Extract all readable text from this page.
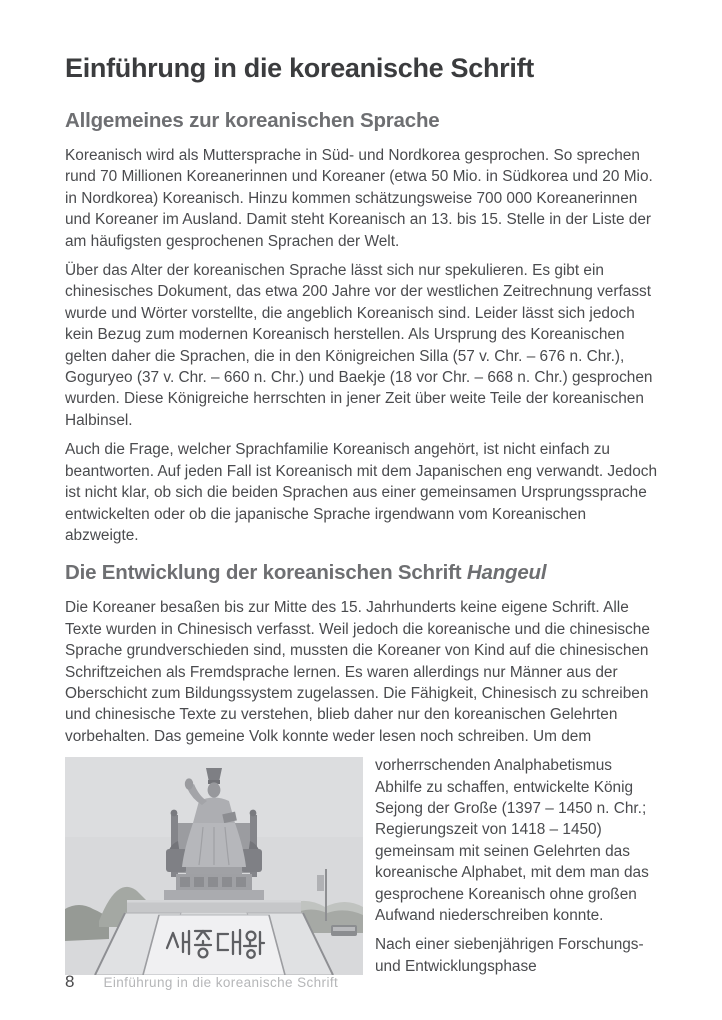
Einführung in die koreanische Schrift
Allgemeines zur koreanischen Sprache

Koreanisch wird als Muttersprache in Süd- und Nordkorea gesprochen. So sprechen rund 70 Millionen Koreanerinnen und Koreaner (etwa 50 Mio. in Südkorea und 20 Mio. in Nordkorea) Koreanisch. Hinzu kommen schätzungsweise 700 000 Koreanerinnen und Koreaner im Ausland. Damit steht Koreanisch an 13. bis 15. Stelle in der Liste der am häufigsten gesprochenen Sprachen der Welt.

Über das Alter der koreanischen Sprache lässt sich nur spekulieren. Es gibt ein chinesisches Dokument, das etwa 200 Jahre vor der westlichen Zeitrechnung verfasst wurde und Wörter vorstellte, die angeblich Koreanisch sind. Leider lässt sich jedoch kein Bezug zum modernen Koreanisch herstellen. Als Ursprung des Koreanischen gelten daher die Sprachen, die in den Königreichen Silla (57 v. Chr. – 676 n. Chr.), Goguryeo (37 v. Chr. – 660 n. Chr.) und Baekje (18 vor Chr. – 668 n. Chr.) gesprochen wurden. Diese Königreiche herrschten in jener Zeit über weite Teile der koreanischen Halbinsel.

Auch die Frage, welcher Sprachfamilie Koreanisch angehört, ist nicht einfach zu beantworten. Auf jeden Fall ist Koreanisch mit dem Japanischen eng verwandt. Jedoch ist nicht klar, ob sich die beiden Sprachen aus einer gemeinsamen Ursprungssprache entwickelten oder ob die japanische Sprache irgendwann vom Koreanischen abzweigte.

Die Entwicklung der koreanischen Schrift Hangeul

Die Koreaner besaßen bis zur Mitte des 15. Jahrhunderts keine eigene Schrift. Alle Texte wurden in Chinesisch verfasst. Weil jedoch die koreanische und die chinesische Sprache grundverschieden sind, mussten die Koreaner von Kind auf die chinesischen Schriftzeichen als Fremdsprache lernen. Es waren allerdings nur Männer aus der Oberschicht zum Bildungssystem zugelassen. Die Fähigkeit, Chinesisch zu schreiben und chinesische Texte zu verstehen, blieb daher nur den koreanischen Gelehrten vorbehalten. Das gemeine Volk konnte weder lesen noch schreiben. Um dem

vorherrschenden Analphabetismus Abhilfe zu schaffen, entwickelte König Sejong der Große (1397 – 1450 n. Chr.; Regierungszeit von 1418 – 1450) gemeinsam mit seinen Gelehrten das koreanische Alphabet, mit dem man das gesprochene Koreanisch ohne großen Aufwand niederschreiben konnte.

Nach einer siebenjährigen Forschungs- und Entwicklungsphase

8 Einführung in die koreanische Schrift
